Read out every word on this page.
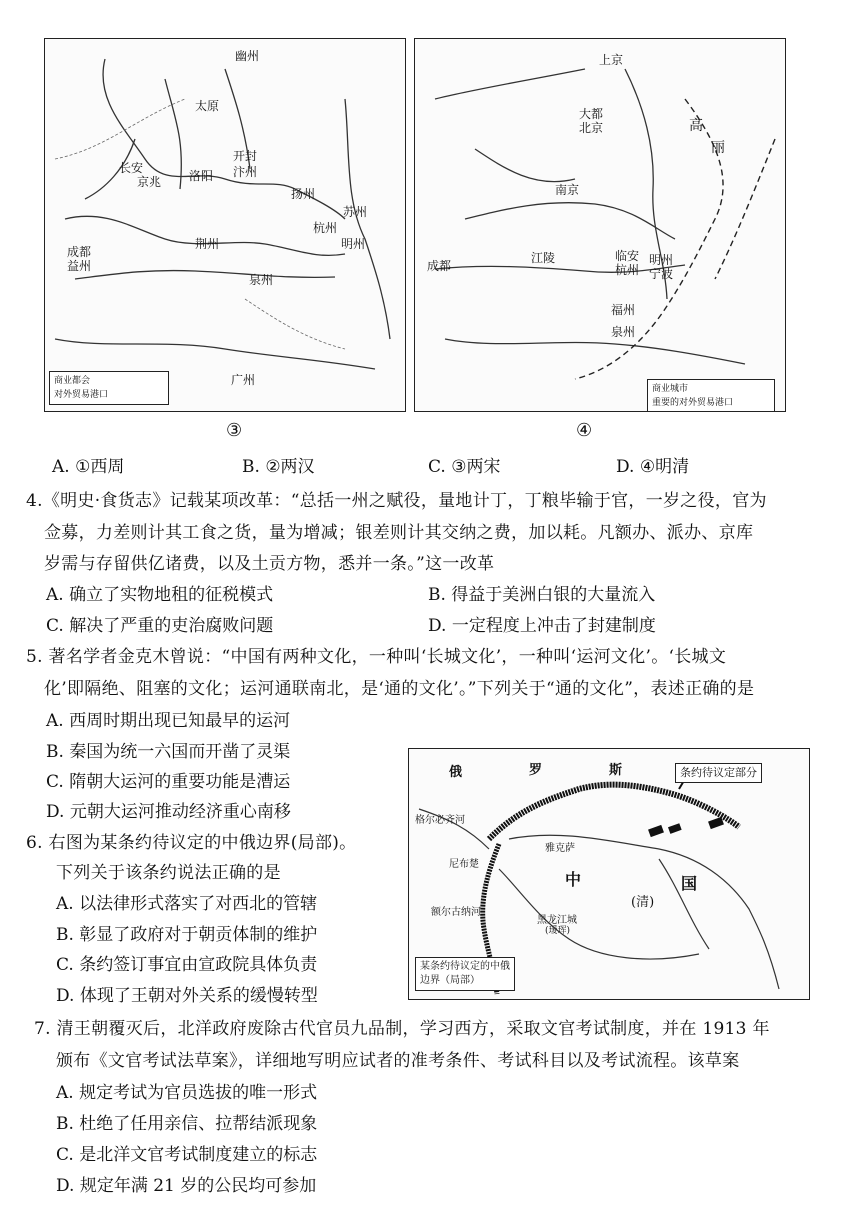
幽州
太原
长安
京兆 洛阳
开封
汴州
扬州
杭州
苏州
明州
成都
益州
荆州
泉州
广州
商业都会
对外贸易港口
③
上京
大都
北京
南京
临安
杭州
江陵	明州
宁波
泉州
福州
成都
高
丽
商业城市
重要的对外贸易港口
④
A. ①西周	B. ②两汉	C. ③两宋	D. ④明清
4.《明史·食货志》记载某项改革：“总括一州之赋役，量地计丁，丁粮毕输于官，一岁之役，官为
佥募，力差则计其工食之货，量为增减；银差则计其交纳之费，加以耗。凡额办、派办、京库
岁需与存留供亿诸费，以及土贡方物，悉并一条。”这一改革
A. 确立了实物地租的征税模式	B. 得益于美洲白银的大量流入
C. 解决了严重的吏治腐败问题	D. 一定程度上冲击了封建制度
5. 著名学者金克木曾说：“中国有两种文化，一种叫‘长城文化’，一种叫‘运河文化’。‘长城文
化’即隔绝、阻塞的文化；运河通联南北，是‘通的文化’。”下列关于“通的文化”，表述正确的是
A. 西周时期出现已知最早的运河
B. 秦国为统一六国而开凿了灵渠
C. 隋朝大运河的重要功能是漕运
D. 元朝大运河推动经济重心南移
俄	罗	斯	条约待议定部分
格尔必齐河
雅克萨
尼布楚
额尔古纳河
黑龙江城
(瑷珲)
中
(清)
国
某条约待议定的中俄
边界（局部）
6. 右图为某条约待议定的中俄边界(局部)。
下列关于该条约说法正确的是
A. 以法律形式落实了对西北的管辖
B. 彰显了政府对于朝贡体制的维护
C. 条约签订事宜由宣政院具体负责
D. 体现了王朝对外关系的缓慢转型
7. 清王朝覆灭后，北洋政府废除古代官员九品制，学习西方，采取文官考试制度，并在 1913 年
颁布《文官考试法草案》，详细地写明应试者的准考条件、考试科目以及考试流程。该草案
A. 规定考试为官员选拔的唯一形式
B. 杜绝了任用亲信、拉帮结派现象
C. 是北洋文官考试制度建立的标志
D. 规定年满 21 岁的公民均可参加
